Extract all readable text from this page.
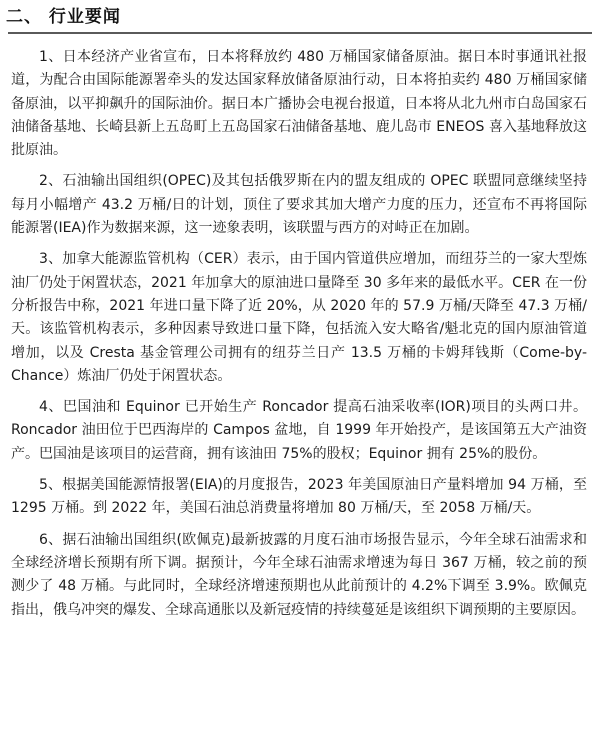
二、 行业要闻

1、日本经济产业省宣布，日本将释放约 480 万桶国家储备原油。据日本时事通讯社报道，为配合由国际能源署牵头的发达国家释放储备原油行动，日本将拍卖约 480 万桶国家储备原油，以平抑飙升的国际油价。据日本广播协会电视台报道，日本将从北九州市白岛国家石油储备基地、长崎县新上五岛町上五岛国家石油储备基地、鹿儿岛市 ENEOS 喜入基地释放这批原油。

2、石油输出国组织(OPEC)及其包括俄罗斯在内的盟友组成的 OPEC 联盟同意继续坚持每月小幅增产 43.2 万桶/日的计划，顶住了要求其加大增产力度的压力，还宣布不再将国际能源署(IEA)作为数据来源，这一迹象表明，该联盟与西方的对峙正在加剧。

3、加拿大能源监管机构（CER）表示，由于国内管道供应增加，而纽芬兰的一家大型炼油厂仍处于闲置状态，2021 年加拿大的原油进口量降至 30 多年来的最低水平。CER 在一份分析报告中称，2021 年进口量下降了近 20%，从 2020 年的 57.9 万桶/天降至 47.3 万桶/天。该监管机构表示，多种因素导致进口量下降，包括流入安大略省/魁北克的国内原油管道增加，以及 Cresta 基金管理公司拥有的纽芬兰日产 13.5 万桶的卡姆拜钱斯（Come-by-Chance）炼油厂仍处于闲置状态。

4、巴国油和 Equinor 已开始生产 Roncador 提高石油采收率(IOR)项目的头两口井。Roncador 油田位于巴西海岸的 Campos 盆地，自 1999 年开始投产，是该国第五大产油资产。巴国油是该项目的运营商，拥有该油田 75%的股权；Equinor 拥有 25%的股份。

5、根据美国能源情报署(EIA)的月度报告，2023 年美国原油日产量料增加 94 万桶，至 1295 万桶。到 2022 年，美国石油总消费量将增加 80 万桶/天，至 2058 万桶/天。

6、据石油输出国组织(欧佩克)最新披露的月度石油市场报告显示，今年全球石油需求和全球经济增长预期有所下调。据预计，今年全球石油需求增速为每日 367 万桶，较之前的预测少了 48 万桶。与此同时，全球经济增速预期也从此前预计的 4.2%下调至 3.9%。欧佩克指出，俄乌冲突的爆发、全球高通胀以及新冠疫情的持续蔓延是该组织下调预期的主要原因。
